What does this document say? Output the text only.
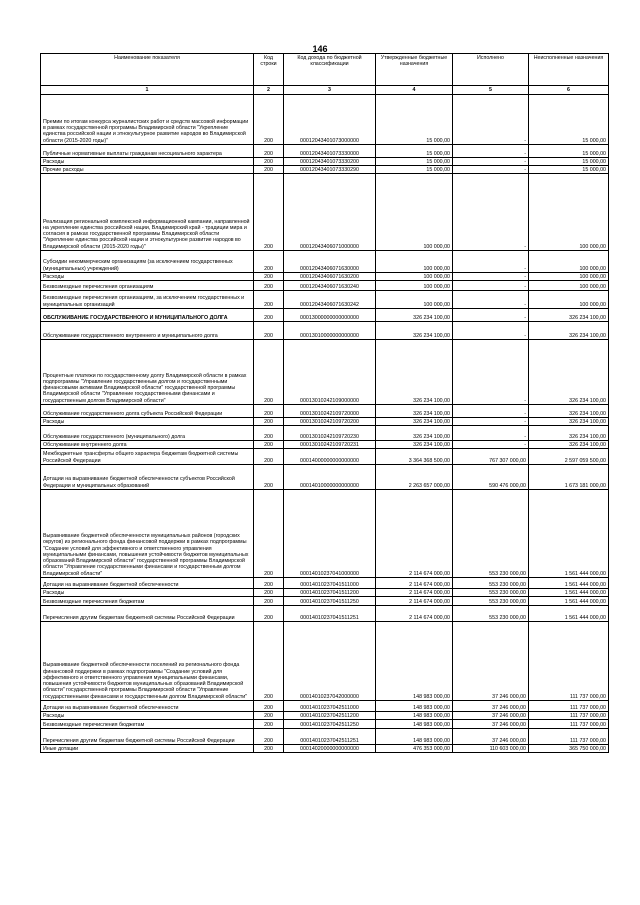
146
Наименование показателя	Код строки	Код дохода по бюджетной классификации	Утвержденные бюджетные назначения	Исполнено	Неисполненные назначения
1	2	3	4	5	6
Премии по итогам конкурса журналистских работ и средств массовой информации в рамках государственной программы Владимирской области "Укрепление единства российской нации и этнокультурное развитие народов во Владимирской области (2015-2020 годы)"	200	00012043401073000000	15 000,00	-	15 000,00
Публичные нормативные выплаты гражданам несоциального характера	200	00012043401073330000	15 000,00	-	15 000,00
Расходы	200	00012043401073330200	15 000,00	-	15 000,00
Прочие расходы	200	00012043401073330290	15 000,00	-	15 000,00
Реализация региональной комплексной информационной кампании, направленной на укрепление единства российской нации, Владимирский край - традиции мира и согласия в рамках государственной программы Владимирской области "Укрепление единства российской нации и этнокультурное развитие народов во Владимирской области (2015-2020 годы)"	200	00012043406071000000	100 000,00	-	100 000,00
Субсидии некоммерческим организациям (за исключением государственных (муниципальных) учреждений)	200	00012043406071630000	100 000,00	-	100 000,00
Расходы	200	00012043406071630200	100 000,00	-	100 000,00
Безвозмездные перечисления организациям	200	00012043406071630240	100 000,00	-	100 000,00
Безвозмездные перечисления организациям, за исключением государственных и муниципальных организаций	200	00012043406071630242	100 000,00	-	100 000,00
ОБСЛУЖИВАНИЕ ГОСУДАРСТВЕННОГО И МУНИЦИПАЛЬНОГО ДОЛГА	200	00013000000000000000	326 234 100,00	-	326 234 100,00
Обслуживание государственного внутреннего и муниципального долга	200	00013010000000000000	326 234 100,00	-	326 234 100,00
Процентные платежи по государственному долгу Владимирской области в рамках подпрограммы "Управление государственным долгом и государственными финансовыми активами Владимирской области" государственной программы Владимирской области "Управление государственными финансами и государственным долгом Владимирской области"	200	00013010242109000000	326 234 100,00	-	326 234 100,00
Обслуживание государственного долга субъекта Российской Федерации	200	00013010242109720000	326 234 100,00	-	326 234 100,00
Расходы	200	00013010242109720200	326 234 100,00	-	326 234 100,00
Обслуживание государственного (муниципального) долга	200	00013010242109720230	326 234 100,00	-	326 234 100,00
Обслуживание внутреннего долга	200	00013010242109720231	326 234 100,00	-	326 234 100,00
Межбюджетные трансферты общего характера бюджетам бюджетной системы Российской Федерации	200	00014000000000000000	3 364 368 500,00	767 307 000,00	2 597 059 500,00
Дотации на выравнивание бюджетной обеспеченности субъектов Российской Федерации и муниципальных образований	200	00014010000000000000	2 263 657 000,00	590 476 000,00	1 673 181 000,00
Выравнивание бюджетной обеспеченности муниципальных районов (городских округов) из регионального фонда финансовой поддержки в рамках подпрограммы "Создание условий для эффективного и ответственного управления муниципальными финансами, повышения устойчивости бюджетов муниципальных образований Владимирской области" государственной программы Владимирской области "Управление государственными финансами и государственным долгом Владимирской области"	200	00014010237041000000	2 114 674 000,00	553 230 000,00	1 561 444 000,00
Дотации на выравнивание бюджетной обеспеченности	200	00014010237041511000	2 114 674 000,00	553 230 000,00	1 561 444 000,00
Расходы	200	00014010237041511200	2 114 674 000,00	553 230 000,00	1 561 444 000,00
Безвозмездные перечисления бюджетам	200	00014010237041511250	2 114 674 000,00	553 230 000,00	1 561 444 000,00
Перечисления другим бюджетам бюджетной системы Российской Федерации	200	00014010237041511251	2 114 674 000,00	553 230 000,00	1 561 444 000,00
Выравнивание бюджетной обеспеченности поселений из регионального фонда финансовой поддержки в рамках подпрограммы "Создание условий для эффективного и ответственного управления муниципальными финансами, повышения устойчивости бюджетов муниципальных образований Владимирской области" государственной программы Владимирской области "Управление государственными финансами и государственным долгом Владимирской области"	200	00014010237042000000	148 983 000,00	37 246 000,00	111 737 000,00
Дотации на выравнивание бюджетной обеспеченности	200	00014010237042511000	148 983 000,00	37 246 000,00	111 737 000,00
Расходы	200	00014010237042511200	148 983 000,00	37 246 000,00	111 737 000,00
Безвозмездные перечисления бюджетам	200	00014010237042511250	148 983 000,00	37 246 000,00	111 737 000,00
Перечисления другим бюджетам бюджетной системы Российской Федерации	200	00014010237042511251	148 983 000,00	37 246 000,00	111 737 000,00
Иные дотации	200	00014020000000000000	476 353 000,00	110 603 000,00	365 750 000,00
